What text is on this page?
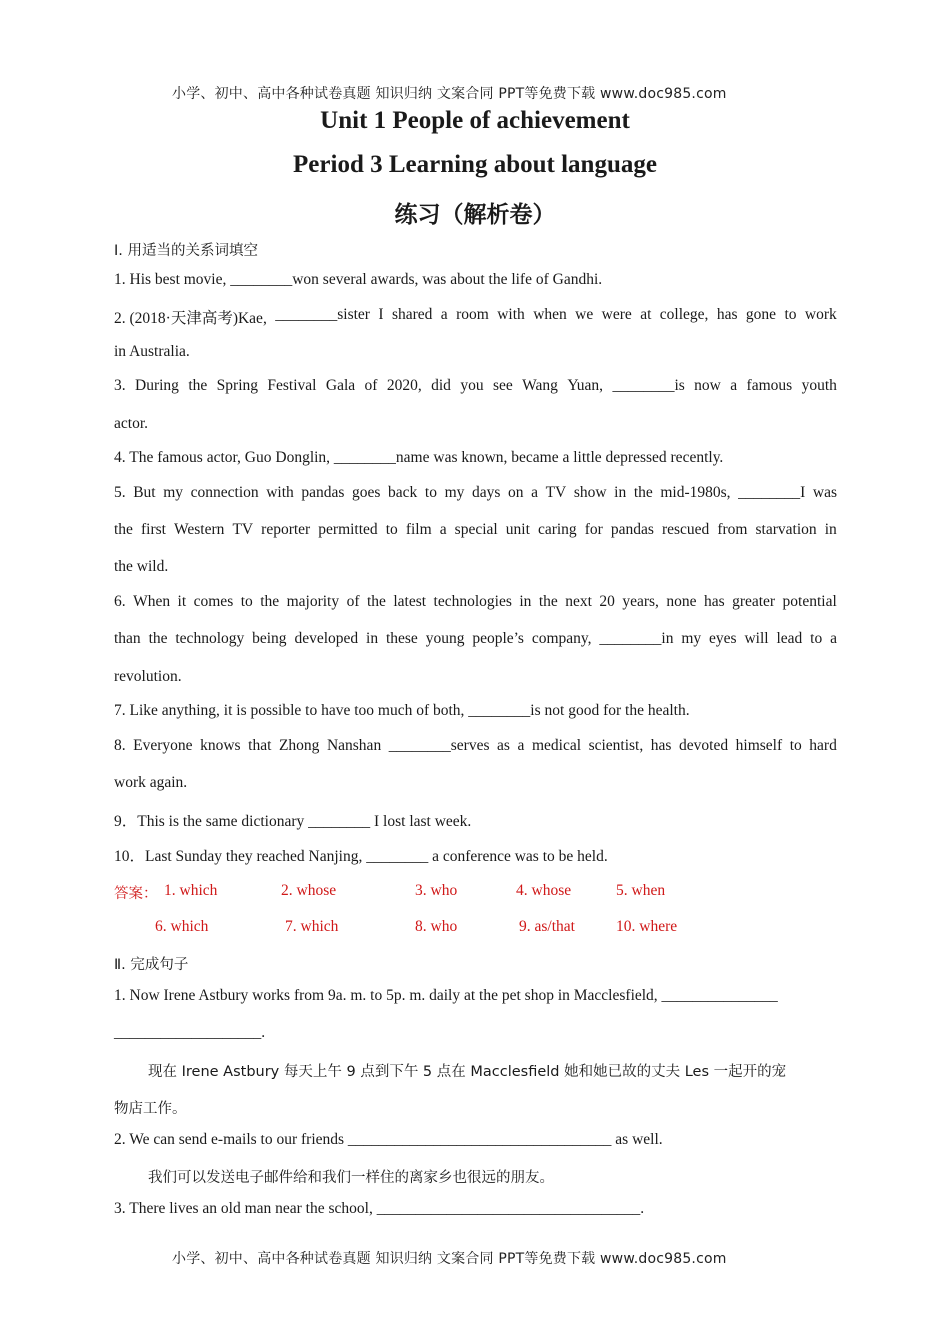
小学、初中、高中各种试卷真题 知识归纳 文案合同 PPT等免费下载 www.doc985.com
Unit 1 People of achievement
Period 3 Learning about language
练习（解析卷）
Ⅰ. 用适当的关系词填空
1. His best movie, ________won several awards, was about the life of Gandhi.
2. (2018·天津高考)Kae, ________sister I shared a room with when we were at college, has gone to work
in Australia.
3. During the Spring Festival Gala of 2020, did you see Wang Yuan, ________is now a famous youth
actor.
4. The famous actor, Guo Donglin, ________name was known, became a little depressed recently.
5. But my connection with pandas goes back to my days on a TV show in the mid-1980s, ________I was
the first Western TV reporter permitted to film a special unit caring for pandas rescued from starvation in
the wild.
6. When it comes to the majority of the latest technologies in the next 20 years, none has greater potential
than the technology being developed in these young people’s company, ________in my eyes will lead to a
revolution.
7. Like anything, it is possible to have too much of both, ________is not good for the health.
8. Everyone knows that Zhong Nanshan ________serves as a medical scientist, has devoted himself to hard
work again.
9．This is the same dictionary ________ I lost last week.
10．Last Sunday they reached Nanjing, ________ a conference was to be held.
答案： 1. which	2. whose	3. who	4. whose	5. when
6. which	7. which	8. who	9. as/that	10. where
Ⅱ. 完成句子
1. Now Irene Astbury works from 9a. m. to 5p. m. daily at the pet shop in Macclesfield, _______________
___________________.
现在 Irene Astbury 每天上午 9 点到下午 5 点在 Macclesfield 她和她已故的丈夫 Les 一起开的宠
物店工作。
2. We can send e-mails to our friends __________________________________ as well.
我们可以发送电子邮件给和我们一样住的离家乡也很远的朋友。
3. There lives an old man near the school, __________________________________.
小学、初中、高中各种试卷真题 知识归纳 文案合同 PPT等免费下载 www.doc985.com
